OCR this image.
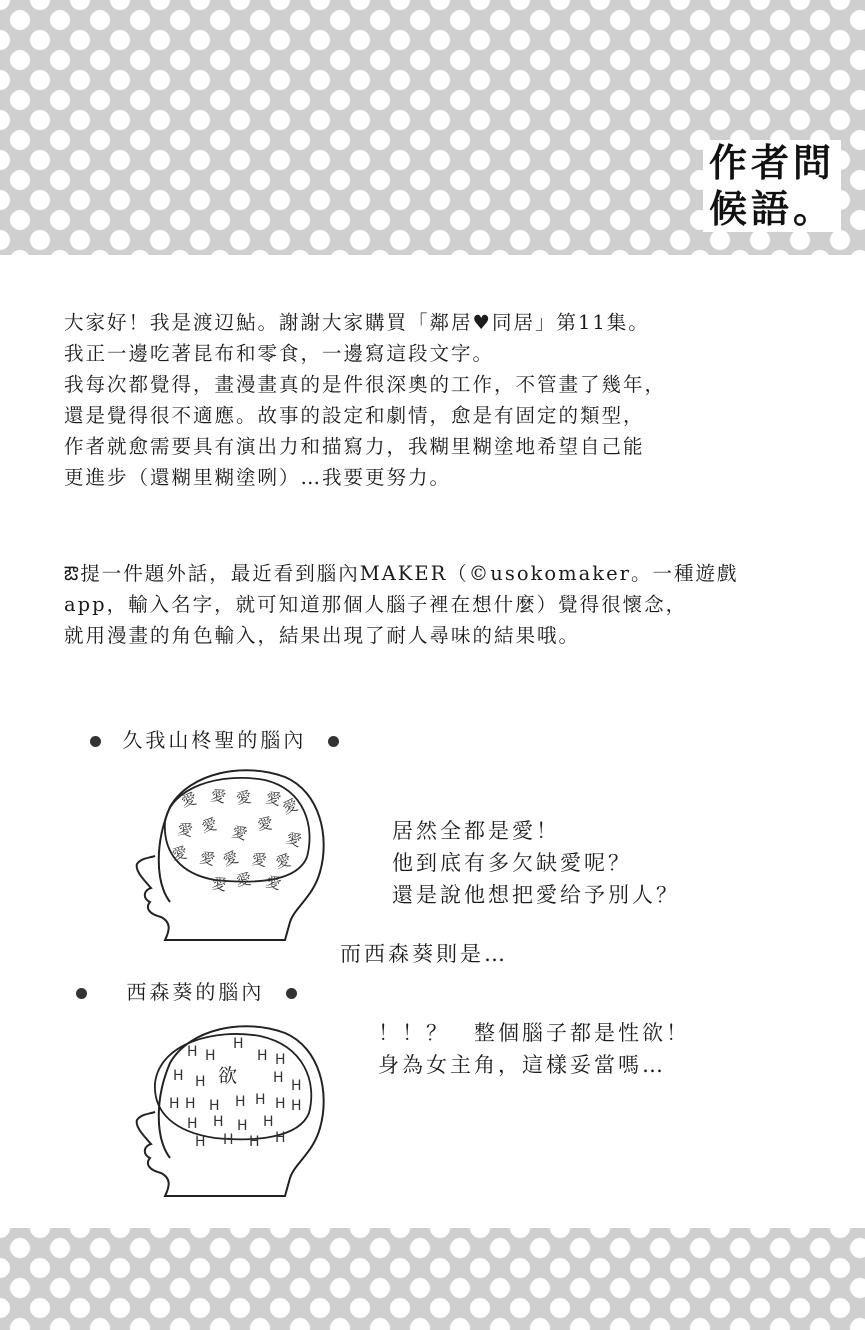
作者問
候語。
大家好！我是渡辺鮎。謝謝大家購買「鄰居♥同居」第11集。
我正一邊吃著昆布和零食，一邊寫這段文字。
我每次都覺得，畫漫畫真的是件很深奧的工作，不管畫了幾年，
還是覺得很不適應。故事的設定和劇情，愈是有固定的類型，
作者就愈需要具有演出力和描寫力，我糊里糊塗地希望自己能
更進步（還糊里糊塗咧）…我要更努力。
ఔ提一件題外話，最近看到腦內MAKER（©usokomaker。一種遊戲
app，輸入名字，就可知道那個人腦子裡在想什麼）覺得很懷念，
就用漫畫的角色輸入，結果出現了耐人尋味的結果哦。
久我山柊聖的腦內
愛 愛 愛 愛
愛
愛 愛 愛 愛
愛
愛 愛 愛 愛 愛
愛 愛 愛
居然全都是愛！
他到底有多欠缺愛呢？
還是說他想把愛给予別人？
而西森葵則是…
西森葵的腦內
H H
H
H H
H H	H H
H H H H H H H
H H H H
H H H H
欲
！！？　整個腦子都是性欲！
身為女主角，這樣妥當嗎…
